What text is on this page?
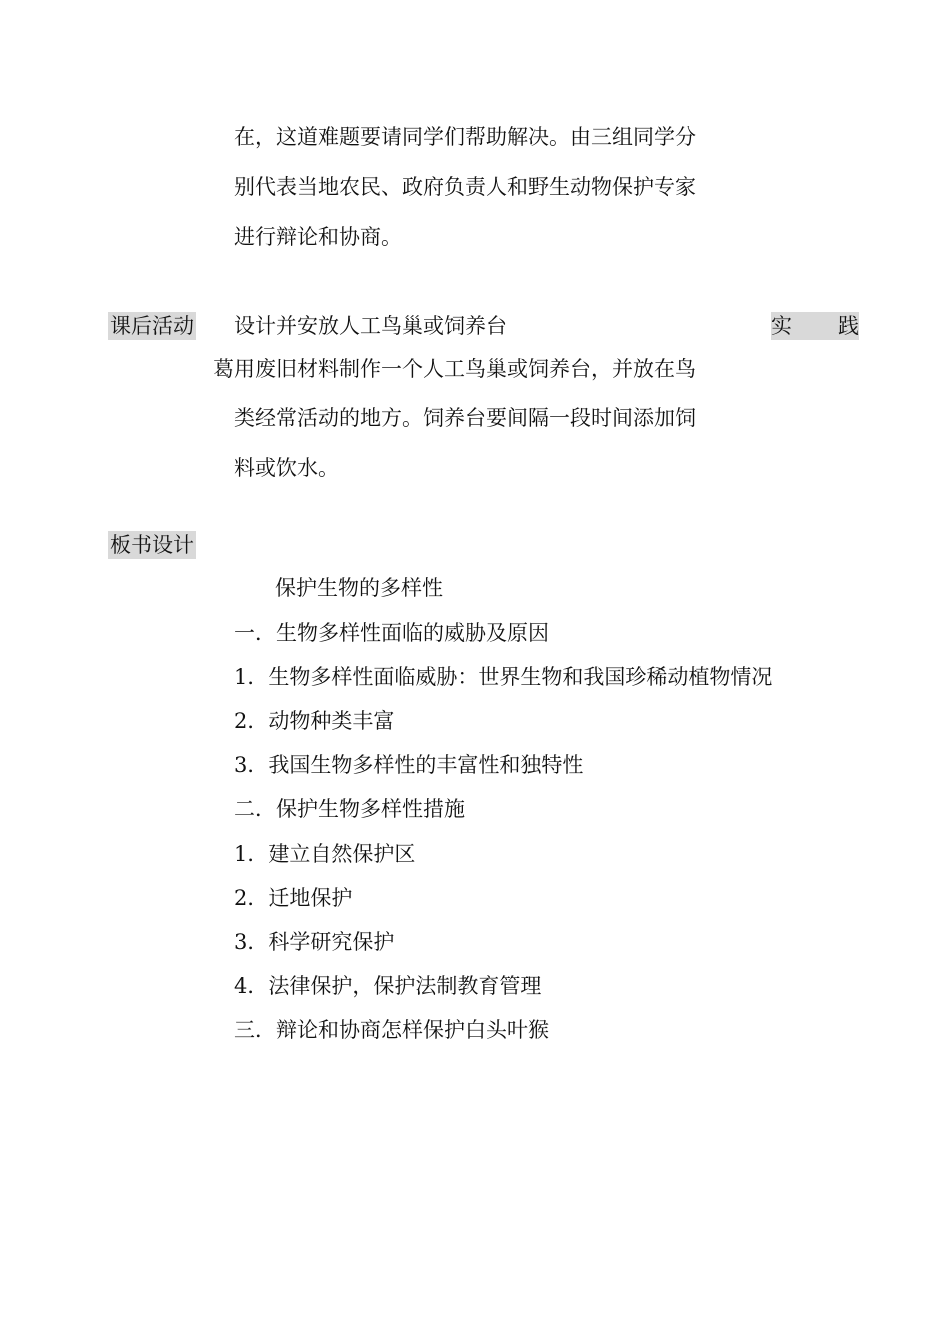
在，这道难题要请同学们帮助解决。由三组同学分
别代表当地农民、政府负责人和野生动物保护专家
进行辩论和协商。
课后活动 设计并安放人工鸟巢或饲养台	实 践
葛用废旧材料制作一个人工鸟巢或饲养台，并放在鸟
类经常活动的地方。饲养台要间隔一段时间添加饲
料或饮水。
板书设计
保护生物的多样性
一．生物多样性面临的威胁及原因
1．生物多样性面临威胁：世界生物和我国珍稀动植物情况
2．动物种类丰富
3．我国生物多样性的丰富性和独特性
二．保护生物多样性措施
1．建立自然保护区
2．迁地保护
3．科学研究保护
4．法律保护，保护法制教育管理
三．辩论和协商怎样保护白头叶猴
